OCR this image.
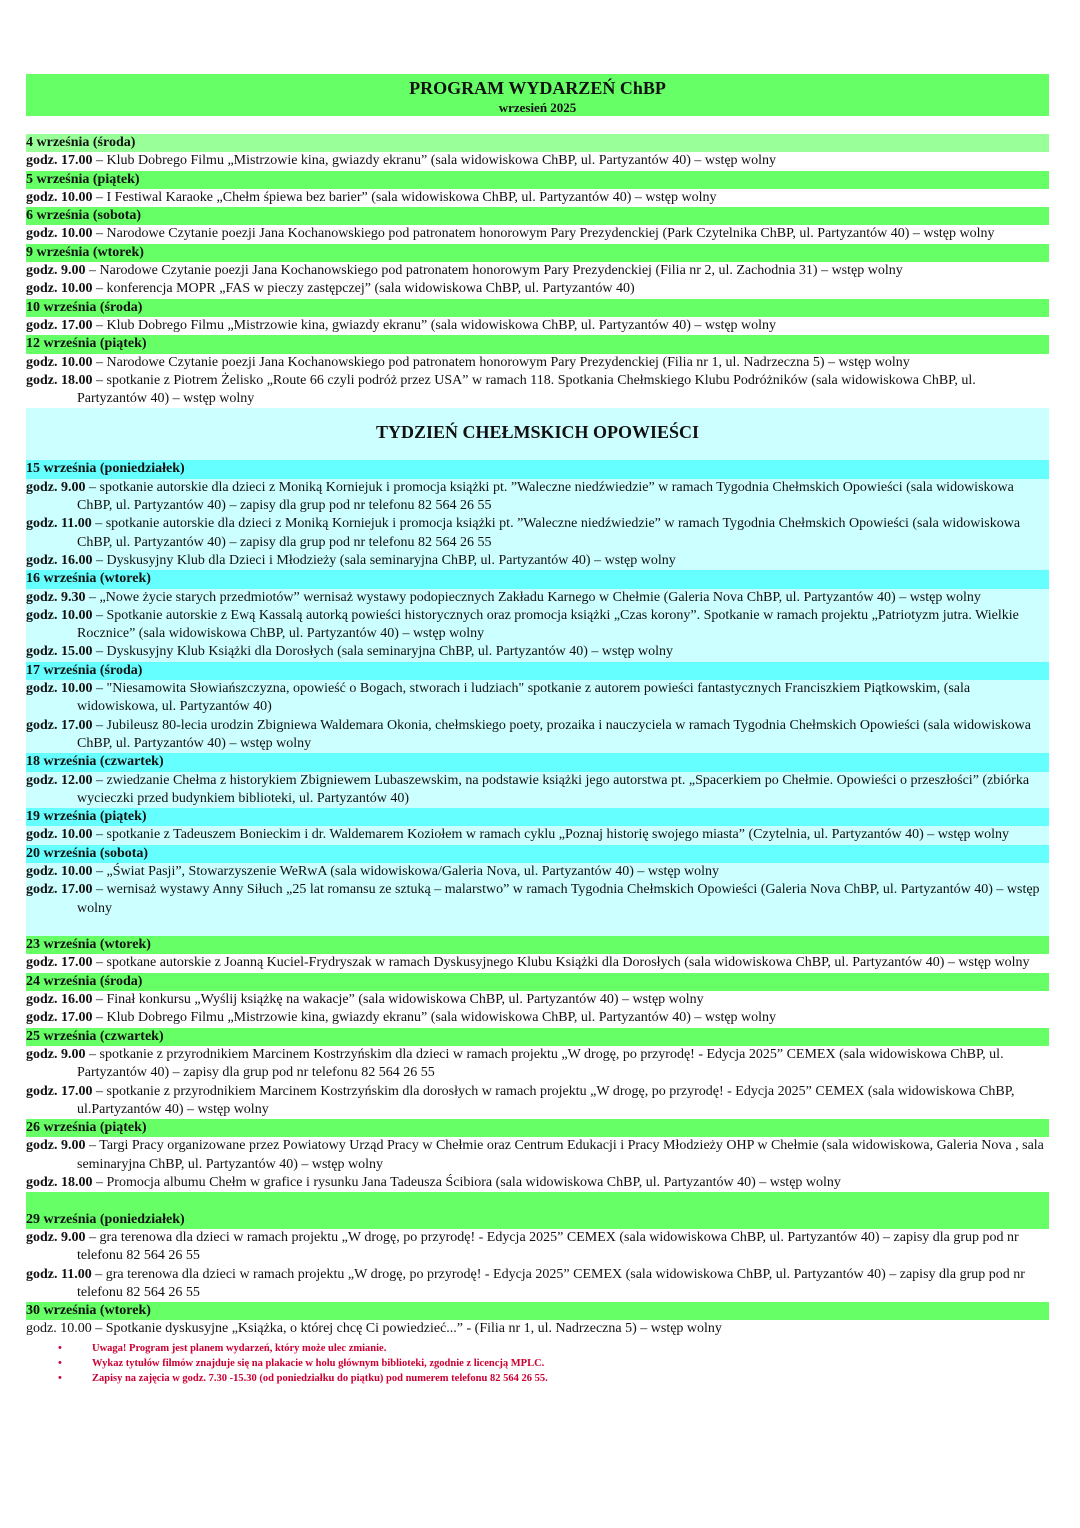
PROGRAM WYDARZEŃ ChBP
wrzesień 2025
4 września (środa)
godz. 17.00 – Klub Dobrego Filmu „Mistrzowie kina, gwiazdy ekranu” (sala widowiskowa ChBP, ul. Partyzantów 40) – wstęp wolny
5 września (piątek)
godz. 10.00 – I Festiwal Karaoke „Chełm śpiewa bez barier” (sala widowiskowa ChBP, ul. Partyzantów 40) – wstęp wolny
6 września (sobota)
godz. 10.00 – Narodowe Czytanie poezji Jana Kochanowskiego pod patronatem honorowym Pary Prezydenckiej (Park Czytelnika ChBP, ul. Partyzantów 40) – wstęp wolny
9 września (wtorek)
godz. 9.00 – Narodowe Czytanie poezji Jana Kochanowskiego pod patronatem honorowym Pary Prezydenckiej (Filia nr 2, ul. Zachodnia 31) – wstęp wolny
godz. 10.00 – konferencja MOPR „FAS w pieczy zastępczej” (sala widowiskowa ChBP, ul. Partyzantów 40)
10 września (środa)
godz. 17.00 – Klub Dobrego Filmu „Mistrzowie kina, gwiazdy ekranu” (sala widowiskowa ChBP, ul. Partyzantów 40) – wstęp wolny
12 września (piątek)
godz. 10.00 – Narodowe Czytanie poezji Jana Kochanowskiego pod patronatem honorowym Pary Prezydenckiej (Filia nr 1, ul. Nadrzeczna 5) – wstęp wolny
godz. 18.00 – spotkanie z Piotrem Żelisko „Route 66 czyli podróż przez USA” w ramach 118. Spotkania Chełmskiego Klubu Podróżników (sala widowiskowa ChBP, ul. Partyzantów 40) – wstęp wolny
TYDZIEŃ CHEŁMSKICH OPOWIEŚCI
15 września (poniedziałek)
godz. 9.00 – spotkanie autorskie dla dzieci z Moniką Korniejuk i promocja książki pt. ”Waleczne niedźwiedzie” w ramach Tygodnia Chełmskich Opowieści (sala widowiskowa ChBP, ul. Partyzantów 40) – zapisy dla grup pod nr telefonu 82 564 26 55
godz. 11.00 – spotkanie autorskie dla dzieci z Moniką Korniejuk i promocja książki pt. ”Waleczne niedźwiedzie” w ramach Tygodnia Chełmskich Opowieści (sala widowiskowa ChBP, ul. Partyzantów 40) – zapisy dla grup pod nr telefonu 82 564 26 55
godz. 16.00 – Dyskusyjny Klub dla Dzieci i Młodzieży (sala seminaryjna ChBP, ul. Partyzantów 40) – wstęp wolny
16 września (wtorek)
godz. 9.30 – „Nowe życie starych przedmiotów” wernisaż wystawy podopiecznych Zakładu Karnego w Chełmie (Galeria Nova ChBP, ul. Partyzantów 40) – wstęp wolny
godz. 10.00 – Spotkanie autorskie z Ewą Kassalą autorką powieści historycznych oraz promocja książki „Czas korony”. Spotkanie w ramach projektu „Patriotyzm jutra. Wielkie Rocznice” (sala widowiskowa ChBP, ul. Partyzantów 40) – wstęp wolny
godz. 15.00 – Dyskusyjny Klub Książki dla Dorosłych (sala seminaryjna ChBP, ul. Partyzantów 40) – wstęp wolny
17 września (środa)
godz. 10.00 – "Niesamowita Słowiańszczyzna, opowieść o Bogach, stworach i ludziach" spotkanie z autorem powieści fantastycznych Franciszkiem Piątkowskim, (sala widowiskowa, ul. Partyzantów 40)
godz. 17.00 – Jubileusz 80-lecia urodzin Zbigniewa Waldemara Okonia, chełmskiego poety, prozaika i nauczyciela w ramach Tygodnia Chełmskich Opowieści (sala widowiskowa ChBP, ul. Partyzantów 40) – wstęp wolny
18 września (czwartek)
godz. 12.00 – zwiedzanie Chełma z historykiem Zbigniewem Lubaszewskim, na podstawie książki jego autorstwa pt. „Spacerkiem po Chełmie. Opowieści o przeszłości” (zbiórka wycieczki przed budynkiem biblioteki, ul. Partyzantów 40)
19 września (piątek)
godz. 10.00 – spotkanie z Tadeuszem Bonieckim i dr. Waldemarem Koziołem w ramach cyklu „Poznaj historię swojego miasta” (Czytelnia, ul. Partyzantów 40) – wstęp wolny
20 września (sobota)
godz. 10.00 – „Świat Pasji”, Stowarzyszenie WeRwA (sala widowiskowa/Galeria Nova, ul. Partyzantów 40) – wstęp wolny
godz. 17.00 – wernisaż wystawy Anny Siłuch „25 lat romansu ze sztuką – malarstwo” w ramach Tygodnia Chełmskich Opowieści (Galeria Nova ChBP, ul. Partyzantów 40) – wstęp wolny
23 września (wtorek)
godz. 17.00 – spotkane autorskie z Joanną Kuciel-Frydryszak w ramach Dyskusyjnego Klubu Książki dla Dorosłych (sala widowiskowa ChBP, ul. Partyzantów 40) – wstęp wolny
24 września (środa)
godz. 16.00 – Finał konkursu „Wyślij książkę na wakacje” (sala widowiskowa ChBP, ul. Partyzantów 40) – wstęp wolny
godz. 17.00 – Klub Dobrego Filmu „Mistrzowie kina, gwiazdy ekranu” (sala widowiskowa ChBP, ul. Partyzantów 40) – wstęp wolny
25 września (czwartek)
godz. 9.00 – spotkanie z przyrodnikiem Marcinem Kostrzyńskim dla dzieci w ramach projektu „W drogę, po przyrodę! - Edycja 2025” CEMEX (sala widowiskowa ChBP, ul. Partyzantów 40) – zapisy dla grup pod nr telefonu 82 564 26 55
godz. 17.00 – spotkanie z przyrodnikiem Marcinem Kostrzyńskim dla dorosłych w ramach projektu „W drogę, po przyrodę! - Edycja 2025” CEMEX (sala widowiskowa ChBP, ul.Partyzantów 40) – wstęp wolny
26 września (piątek)
godz. 9.00 – Targi Pracy organizowane przez Powiatowy Urząd Pracy w Chełmie oraz Centrum Edukacji i Pracy Młodzieży OHP w Chełmie (sala widowiskowa, Galeria Nova , sala seminaryjna ChBP, ul. Partyzantów 40) – wstęp wolny
godz. 18.00 – Promocja albumu Chełm w grafice i rysunku Jana Tadeusza Ścibiora (sala widowiskowa ChBP, ul. Partyzantów 40) – wstęp wolny
29 września (poniedziałek)
godz. 9.00 – gra terenowa dla dzieci w ramach projektu „W drogę, po przyrodę! - Edycja 2025” CEMEX (sala widowiskowa ChBP, ul. Partyzantów 40) – zapisy dla grup pod nr telefonu 82 564 26 55
godz. 11.00 – gra terenowa dla dzieci w ramach projektu „W drogę, po przyrodę! - Edycja 2025” CEMEX (sala widowiskowa ChBP, ul. Partyzantów 40) – zapisy dla grup pod nr telefonu 82 564 26 55
30 września (wtorek)
godz. 10.00 – Spotkanie dyskusyjne „Książka, o której chcę Ci powiedzieć...” - (Filia nr 1, ul. Nadrzeczna 5) – wstęp wolny
• Uwaga! Program jest planem wydarzeń, który może ulec zmianie.
• Wykaz tytułów filmów znajduje się na plakacie w holu głównym biblioteki, zgodnie z licencją MPLC.
• Zapisy na zajęcia w godz. 7.30 -15.30 (od poniedziałku do piątku) pod numerem telefonu 82 564 26 55.
